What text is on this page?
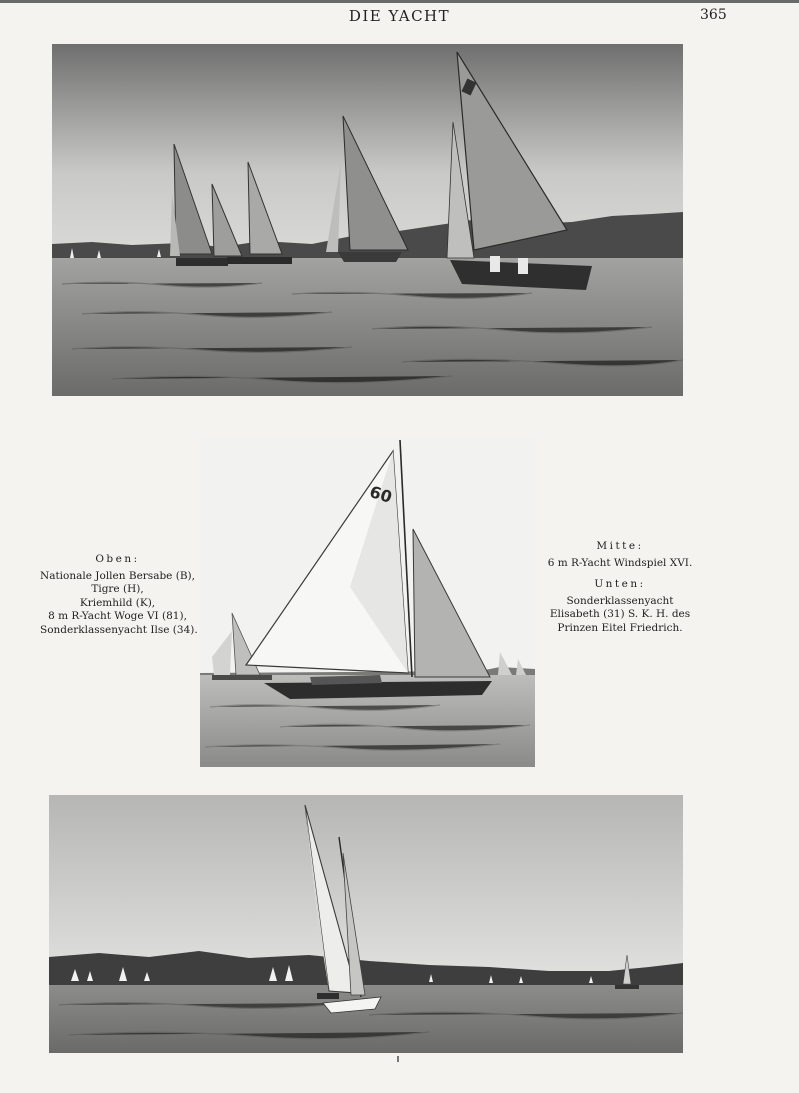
DIE YACHT	365
Oben:
Nationale Jollen Bersabe (B),
Tigre (H),
Kriemhild (K),
8 m R-Yacht Woge VI (81),
Sonderklassenyacht Ilse (34).
60
Mitte:
6 m R-Yacht Windspiel XVI.
Unten:
Sonderklassenyacht
Elisabeth (31) S. K. H. des
Prinzen Eitel Friedrich.
